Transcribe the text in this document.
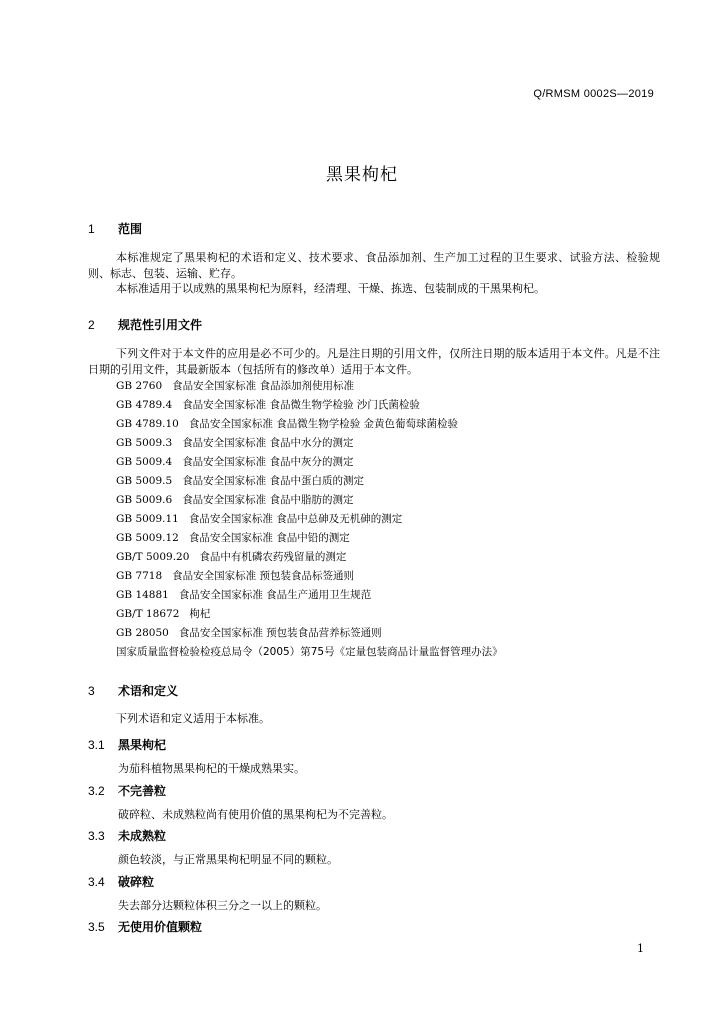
Q/RMSM 0002S—2019
黑果枸杞
1 范围
本标准规定了黑果枸杞的术语和定义、技术要求、食品添加剂、生产加工过程的卫生要求、试验方法、检验规则、标志、包装、运输、贮存。
本标准适用于以成熟的黑果枸杞为原料，经清理、干燥、拣选、包装制成的干黑果枸杞。
2 规范性引用文件
下列文件对于本文件的应用是必不可少的。凡是注日期的引用文件，仅所注日期的版本适用于本文件。凡是不注日期的引用文件，其最新版本（包括所有的修改单）适用于本文件。
GB 2760 食品安全国家标准 食品添加剂使用标准
GB 4789.4 食品安全国家标准 食品微生物学检验 沙门氏菌检验
GB 4789.10 食品安全国家标准 食品微生物学检验 金黄色葡萄球菌检验
GB 5009.3 食品安全国家标准 食品中水分的测定
GB 5009.4 食品安全国家标准 食品中灰分的测定
GB 5009.5 食品安全国家标准 食品中蛋白质的测定
GB 5009.6 食品安全国家标准 食品中脂肪的测定
GB 5009.11 食品安全国家标准 食品中总砷及无机砷的测定
GB 5009.12 食品安全国家标准 食品中铅的测定
GB/T 5009.20 食品中有机磷农药残留量的测定
GB 7718 食品安全国家标准 预包装食品标签通则
GB 14881 食品安全国家标准 食品生产通用卫生规范
GB/T 18672 枸杞
GB 28050 食品安全国家标准 预包装食品营养标签通则
国家质量监督检验检疫总局令（2005）第75号《定量包装商品计量监督管理办法》
3 术语和定义
下列术语和定义适用于本标准。
3.1 黑果枸杞
为茄科植物黑果枸杞的干燥成熟果实。
3.2 不完善粒
破碎粒、未成熟粒尚有使用价值的黑果枸杞为不完善粒。
3.3 未成熟粒
颜色较淡，与正常黑果枸杞明显不同的颗粒。
3.4 破碎粒
失去部分达颗粒体积三分之一以上的颗粒。
3.5 无使用价值颗粒
1
